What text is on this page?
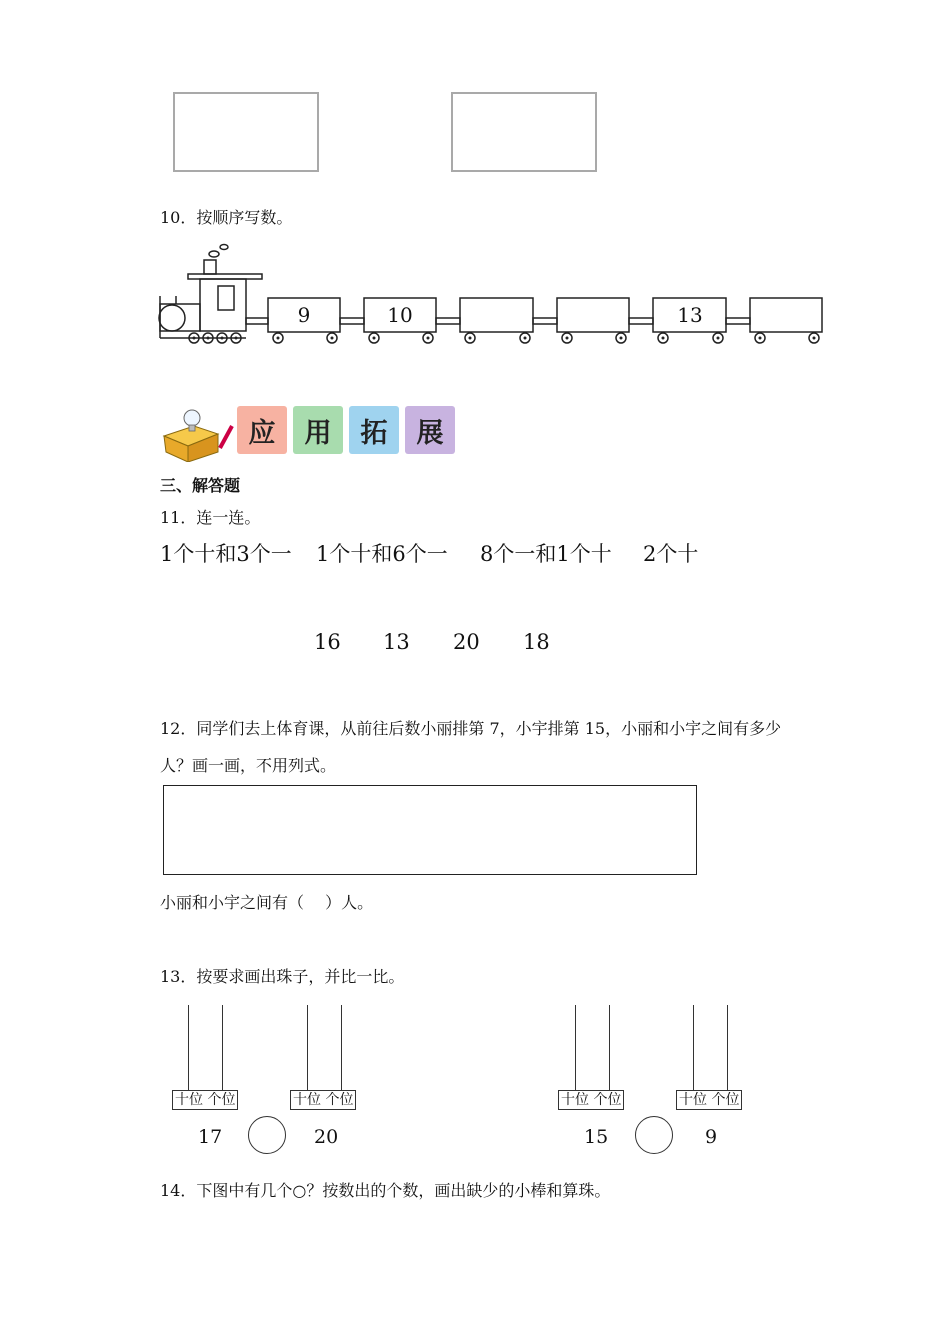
10．按顺序写数。
9	10	13
应	用	拓	展
三、解答题
11．连一连。
1个十和3个一 1个十和6个一 8个一和1个十 2个十
16 13 20 18
12．同学们去上体育课，从前往后数小丽排第 7，小宇排第 15，小丽和小宇之间有多少
人？画一画，不用列式。
小丽和小宇之间有（　 ）人。
13．按要求画出珠子，并比一比。
十位 个位
17
十位 个位
20
十位 个位
15
十位 个位
9
14．下图中有几个○？按数出的个数，画出缺少的小棒和算珠。
